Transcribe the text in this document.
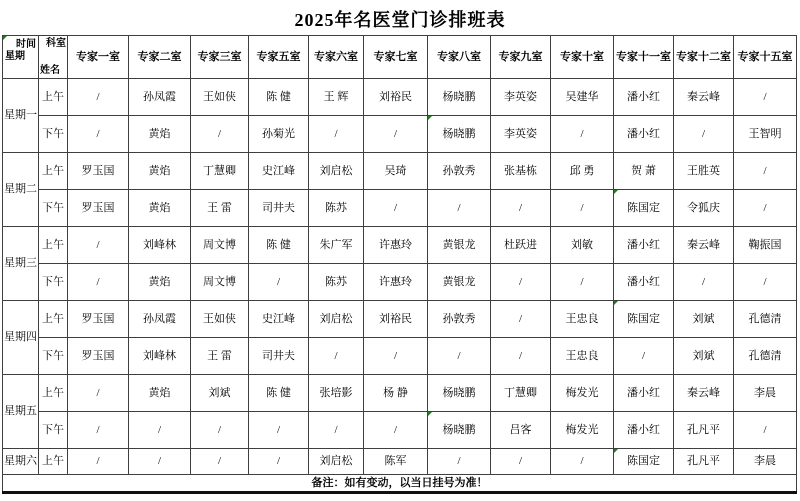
2025年名医堂门诊排班表
时间
星期	科室
姓名	专家一室	专家二室	专家三室	专家五室	专家六室	专家七室	专家八室	专家九室	专家十室	专家十一室	专家十二室	专家十五室
星期一	上午	/	孙凤霞	王如侠	陈 健	王 辉	刘裕民	杨晓鹏	李英姿	吴建华	潘小红	秦云峰	/
	下午	/	黄焰	/	孙菊光	/	/	杨晓鹏	李英姿	/	潘小红	/	王智明
星期二	上午	罗玉国	黄焰	丁慧卿	史江峰	刘启松	吴琦	孙敦秀	张基栋	邱 勇	贺 萧	王胜英	/
	下午	罗玉国	黄焰	王 雷	司井夫	陈苏	/	/	/	/	陈国定	令狐庆	/
星期三	上午	/	刘峰林	周文博	陈 健	朱广军	许惠玲	黄银龙	杜跃进	刘敏	潘小红	秦云峰	鞠振国
	下午	/	黄焰	周文博	/	陈苏	许惠玲	黄银龙	/	/	潘小红	/	/
星期四	上午	罗玉国	孙凤霞	王如侠	史江峰	刘启松	刘裕民	孙敦秀	/	王忠良	陈国定	刘斌	孔德清
	下午	罗玉国	刘峰林	王 雷	司井夫	/	/	/	/	王忠良	/	刘斌	孔德清
星期五	上午	/	黄焰	刘斌	陈 健	张培影	杨 静	杨晓鹏	丁慧卿	梅发光	潘小红	秦云峰	李晨
	下午	/	/	/	/	/	/	杨晓鹏	吕客	梅发光	潘小红	孔凡平	/
星期六	上午	/	/	/	/	刘启松	陈军	/	/	/	陈国定	孔凡平	李晨
备注：如有变动，以当日挂号为准！													
